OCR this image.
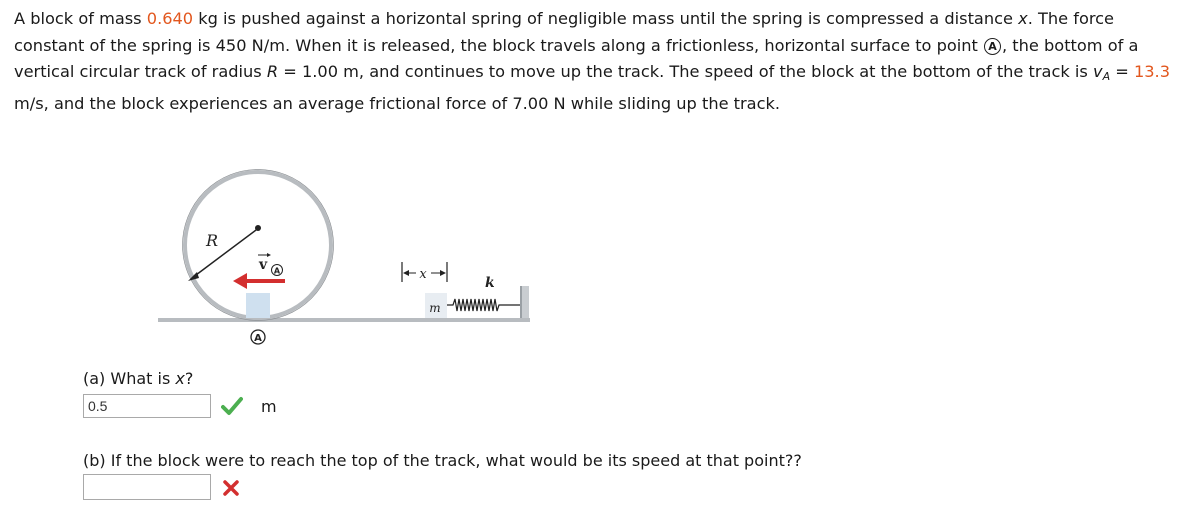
A block of mass 0.640 kg is pushed against a horizontal spring of negligible mass until the spring is compressed a distance x. The force constant of the spring is 450 N/m. When it is released, the block travels along a frictionless, horizontal surface to point A , the bottom of a vertical circular track of radius R = 1.00 m, and continues to move up the track. The speed of the block at the bottom of the track is $v_A = 13.3$ m/s, and the block experiences an average frictional force of 7.00 N while sliding up the track.
R
v A
A
x
k
m
(a) What is x?
0.5
m
(b) If the block were to reach the top of the track, what would be its speed at that point??
